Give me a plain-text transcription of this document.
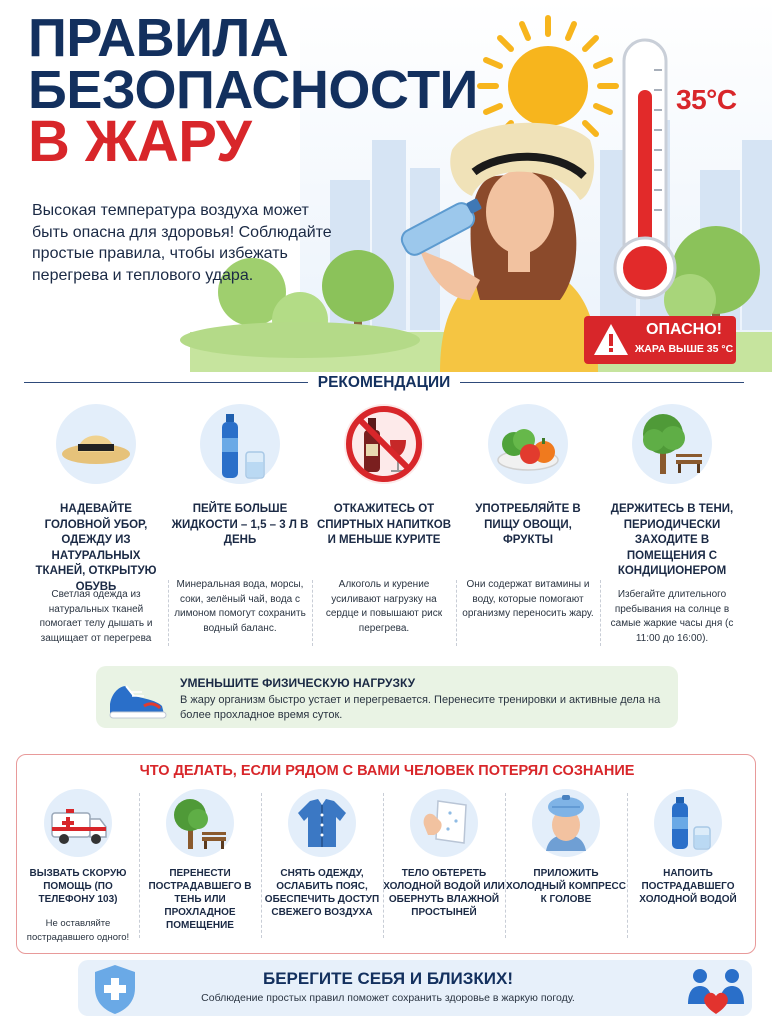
ПРАВИЛА
БЕЗОПАСНОСТИ
В ЖАРУ

Высокая температура воздуха может быть опасна для здоровья! Соблюдайте простые правила, чтобы избежать перегрева и теплового удара.

35°C
ОПАСНО!
ЖАРА ВЫШЕ 35 °С
РЕКОМЕНДАЦИИ
НАДЕВАЙТЕ ГОЛОВНОЙ УБОР, ОДЕЖДУ ИЗ НАТУРАЛЬНЫХ ТКАНЕЙ, ОТКРЫТУЮ ОБУВЬ
Светлая одежда из натуральных тканей помогает телу дышать и защищает от перегрева
ПЕЙТЕ БОЛЬШЕ ЖИДКОСТИ – 1,5 – 3 Л В ДЕНЬ
Минеральная вода, морсы, соки, зелёный чай, вода с лимоном помогут сохранить водный баланс.
ОТКАЖИТЕСЬ ОТ СПИРТНЫХ НАПИТКОВ И МЕНЬШЕ КУРИТЕ
Алкоголь и курение усиливают нагрузку на сердце и повышают риск перегрева.
УПОТРЕБЛЯЙТЕ В ПИЩУ ОВОЩИ, ФРУКТЫ
Они содержат витамины и воду, которые помогают организму переносить жару.
ДЕРЖИТЕСЬ В ТЕНИ, ПЕРИОДИЧЕСКИ ЗАХОДИТЕ В ПОМЕЩЕНИЯ С КОНДИЦИОНЕРОМ
Избегайте длительного пребывания на солнце в самые жаркие часы дня (с 11:00 до 16:00).
УМЕНЬШИТЕ ФИЗИЧЕСКУЮ НАГРУЗКУ
В жару организм быстро устает и перегревается. Перенесите тренировки и активные дела на более прохладное время суток.
ЧТО ДЕЛАТЬ, ЕСЛИ РЯДОМ С ВАМИ ЧЕЛОВЕК ПОТЕРЯЛ СОЗНАНИЕ
ВЫЗВАТЬ СКОРУЮ ПОМОЩЬ (ПО ТЕЛЕФОНУ 103)
Не оставляйте пострадавшего одного!
ПЕРЕНЕСТИ ПОСТРАДАВШЕГО В ТЕНЬ ИЛИ ПРОХЛАДНОЕ ПОМЕЩЕНИЕ
СНЯТЬ ОДЕЖДУ, ОСЛАБИТЬ ПОЯС, ОБЕСПЕЧИТЬ ДОСТУП СВЕЖЕГО ВОЗДУХА
ТЕЛО ОБТЕРЕТЬ ХОЛОДНОЙ ВОДОЙ ИЛИ ОБЕРНУТЬ ВЛАЖНОЙ ПРОСТЫНЕЙ
ПРИЛОЖИТЬ ХОЛОДНЫЙ КОМПРЕСС К ГОЛОВЕ
НАПОИТЬ ПОСТРАДАВШЕГО ХОЛОДНОЙ ВОДОЙ
БЕРЕГИТЕ СЕБЯ И БЛИЗКИХ!
Соблюдение простых правил поможет сохранить здоровье в жаркую погоду.
